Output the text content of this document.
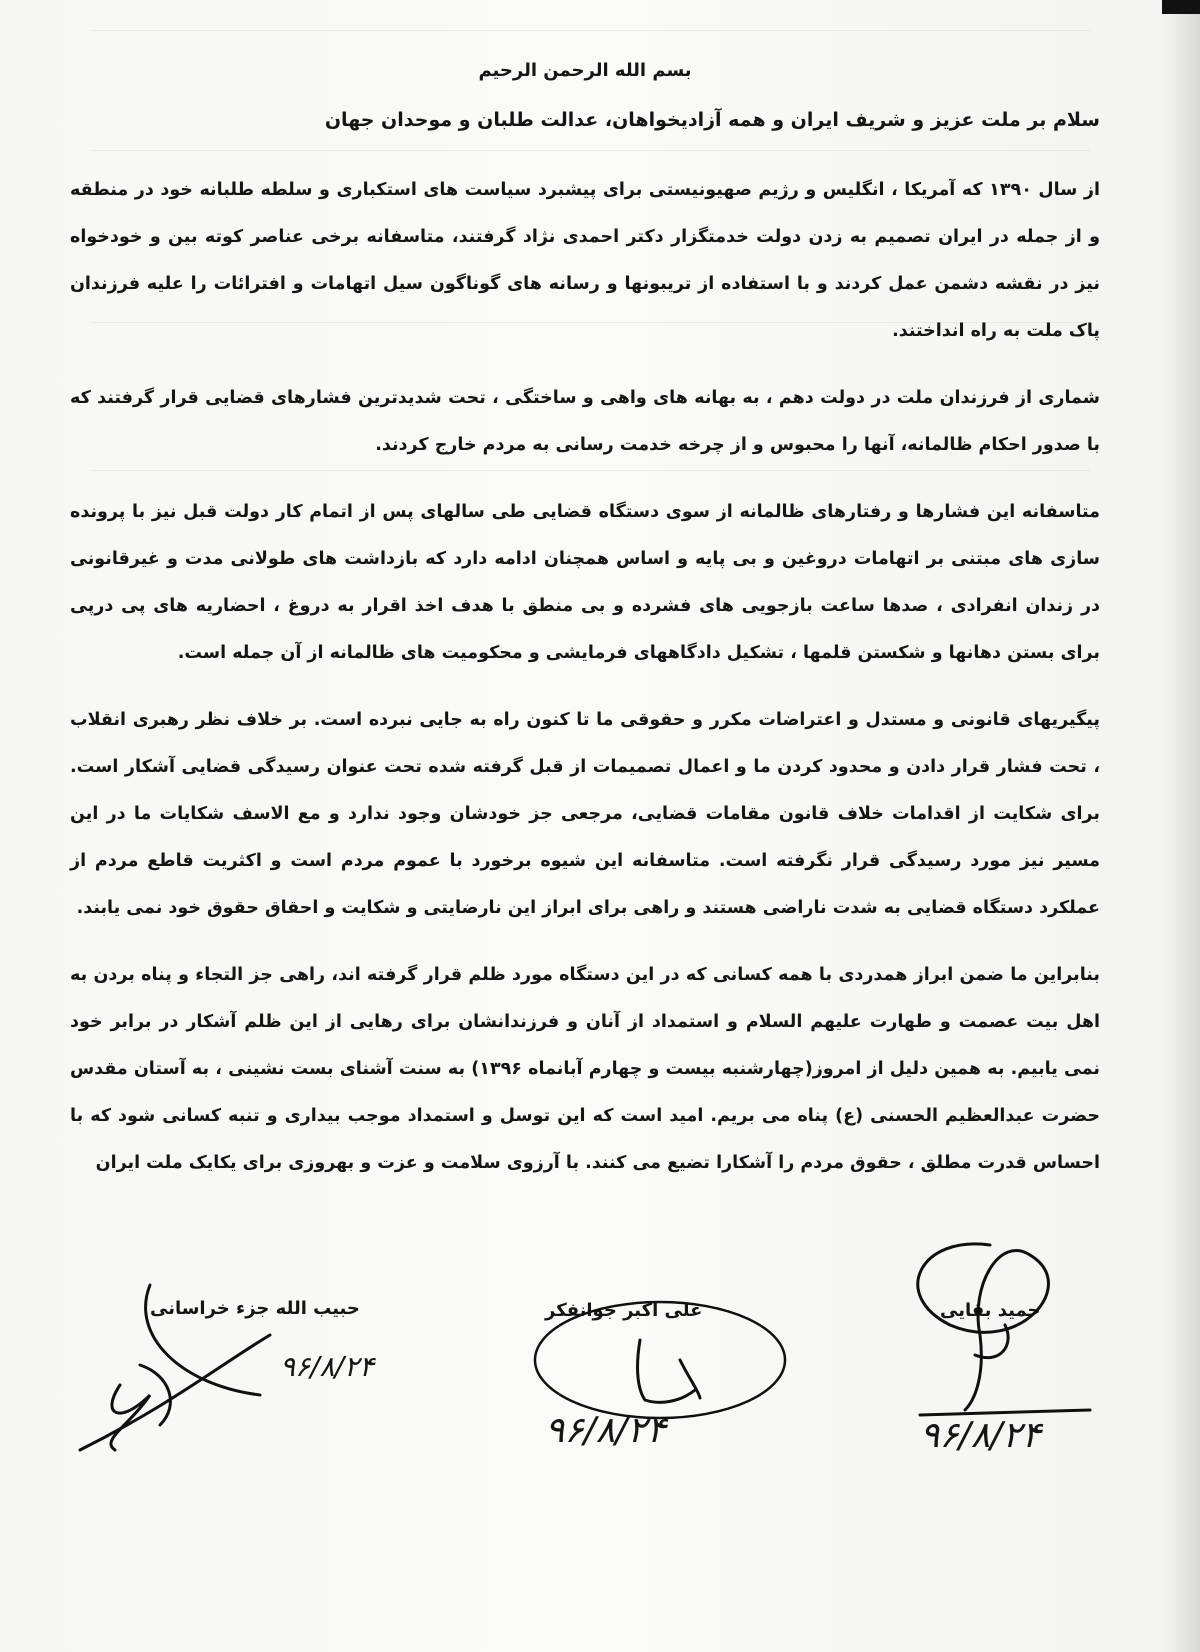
بسم الله الرحمن الرحیم
سلام بر ملت عزیز و شریف ایران و همه آزادیخواهان، عدالت طلبان و موحدان جهان

از سال ۱۳۹۰ که آمریکا ، انگلیس و رژیم صهیونیستی برای پیشبرد سیاست های استکباری و سلطه طلبانه خود در منطقه و از جمله در ایران تصمیم به زدن دولت خدمتگزار دکتر احمدی نژاد گرفتند، متاسفانه برخی عناصر کوته بین و خودخواه نیز در نقشه دشمن عمل کردند و با استفاده از تریبونها و رسانه های گوناگون سیل اتهامات و افترائات را علیه فرزندان پاک ملت به راه انداختند.

شماری از فرزندان ملت در دولت دهم ، به بهانه های واهی و ساختگی ، تحت شدیدترین فشارهای قضایی قرار گرفتند که با صدور احکام ظالمانه، آنها را محبوس و از چرخه خدمت رسانی به مردم خارج کردند.

متاسفانه این فشارها و رفتارهای ظالمانه از سوی دستگاه قضایی طی سالهای پس از اتمام کار دولت قبل نیز با پرونده سازی های مبتنی بر اتهامات دروغین و بی پایه و اساس همچنان ادامه دارد که بازداشت های طولانی مدت و غیرقانونی در زندان انفرادی ، صدها ساعت بازجویی های فشرده و بی منطق با هدف اخذ اقرار به دروغ ، احضاریه های پی درپی برای بستن دهانها و شکستن قلمها ، تشکیل دادگاههای فرمایشی و محکومیت های ظالمانه از آن جمله است.

پیگیریهای قانونی و مستدل و اعتراضات مکرر و حقوقی ما تا کنون راه به جایی نبرده است. بر خلاف نظر رهبری انقلاب ، تحت فشار قرار دادن و محدود کردن ما و اعمال تصمیمات از قبل گرفته شده تحت عنوان رسیدگی قضایی آشکار است. برای شکایت از اقدامات خلاف قانون مقامات قضایی، مرجعی جز خودشان وجود ندارد و مع الاسف شکایات ما در این مسیر نیز مورد رسیدگی قرار نگرفته است. متاسفانه این شیوه برخورد با عموم مردم است و اکثریت قاطع مردم از عملکرد دستگاه قضایی به شدت ناراضی هستند و راهی برای ابراز این نارضایتی و شکایت و احقاق حقوق خود نمی یابند.

بنابراین ما ضمن ابراز همدردی با همه کسانی که در این دستگاه مورد ظلم قرار گرفته اند، راهی جز التجاء و پناه بردن به اهل بیت عصمت و طهارت علیهم السلام و استمداد از آنان و فرزندانشان برای رهایی از این ظلم آشکار در برابر خود نمی یابیم. به همین دلیل از امروز(چهارشنبه بیست و چهارم آبانماه ۱۳۹۶) به سنت آشنای بست نشینی ، به آستان مقدس حضرت عبدالعظیم الحسنی (ع) پناه می بریم. امید است که این توسل و استمداد موجب بیداری و تنبه کسانی شود که با احساس قدرت مطلق ، حقوق مردم را آشکارا تضیع می کنند. با آرزوی سلامت و عزت و بهروزی برای یکایک ملت ایران

حمید بقایی
۹۶/۸/۲۴
علی اکبر جوانفکر
۹۶/۸/۲۴
حبیب الله جزء خراسانی
۹۶/۸/۲۴
